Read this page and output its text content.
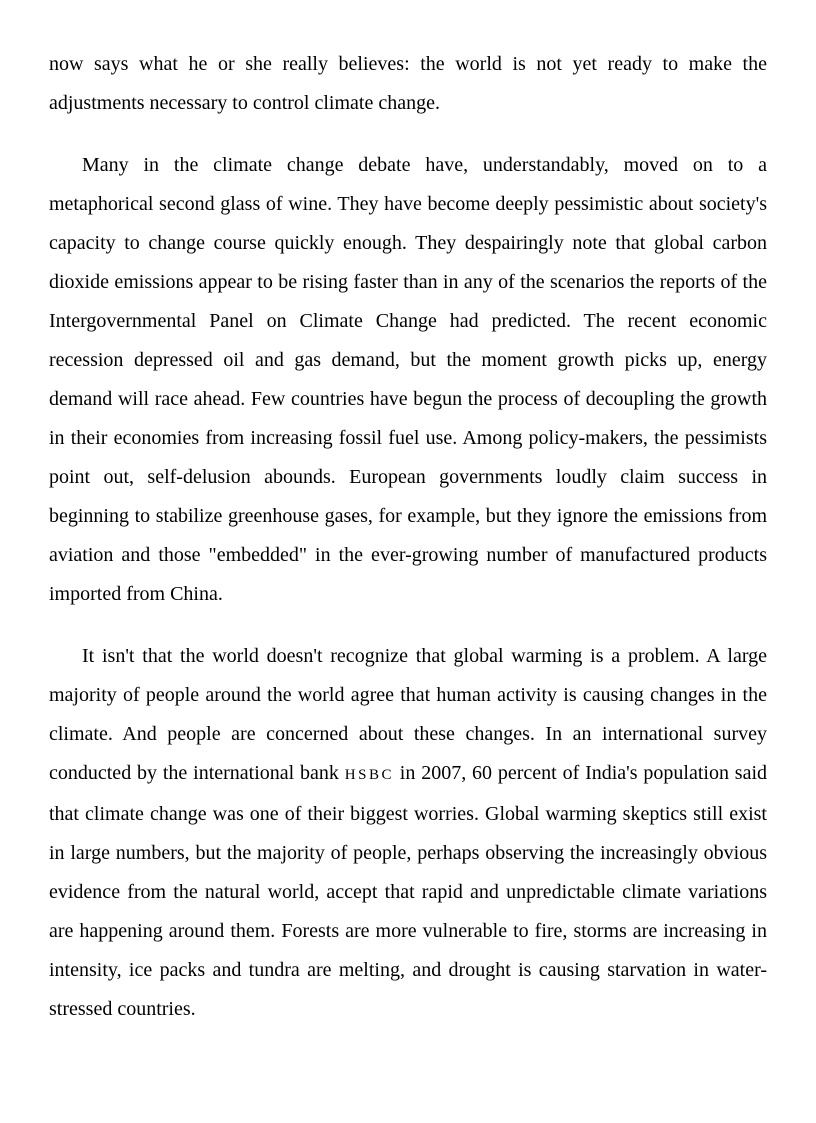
now says what he or she really believes: the world is not yet ready to make the adjustments necessary to control climate change.

Many in the climate change debate have, understandably, moved on to a metaphorical second glass of wine. They have become deeply pessimistic about society's capacity to change course quickly enough. They despairingly note that global carbon dioxide emissions appear to be rising faster than in any of the scenarios the reports of the Intergovernmental Panel on Climate Change had predicted. The recent economic recession depressed oil and gas demand, but the moment growth picks up, energy demand will race ahead. Few countries have begun the process of decoupling the growth in their economies from increasing fossil fuel use. Among policy-makers, the pessimists point out, self-delusion abounds. European governments loudly claim success in beginning to stabilize greenhouse gases, for example, but they ignore the emissions from aviation and those "embedded" in the ever-growing number of manufactured products imported from China.

It isn't that the world doesn't recognize that global warming is a problem. A large majority of people around the world agree that human activity is causing changes in the climate. And people are concerned about these changes. In an international survey conducted by the international bank HSBC in 2007, 60 percent of India's population said that climate change was one of their biggest worries. Global warming skeptics still exist in large numbers, but the majority of people, perhaps observing the increasingly obvious evidence from the natural world, accept that rapid and unpredictable climate variations are happening around them. Forests are more vulnerable to fire, storms are increasing in intensity, ice packs and tundra are melting, and drought is causing starvation in water-stressed countries.
